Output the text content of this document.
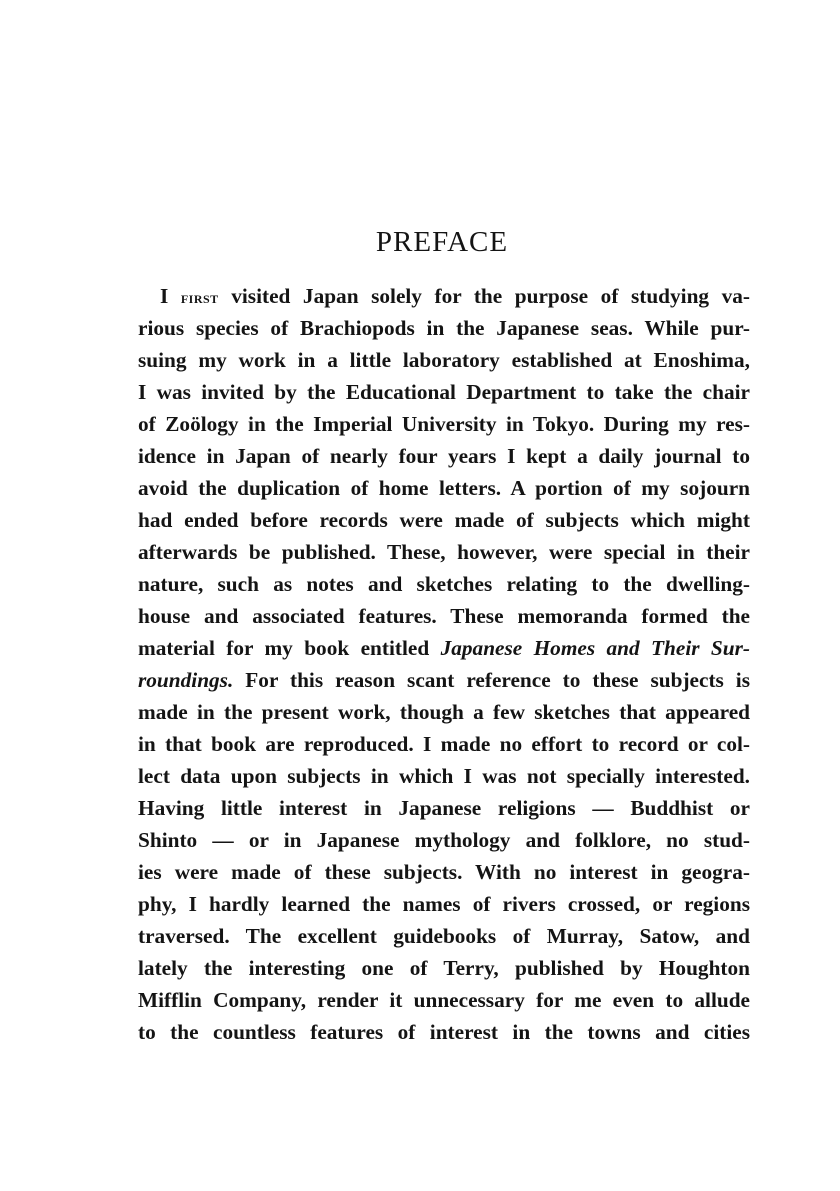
PREFACE
I first visited Japan solely for the purpose of studying va-
rious species of Brachiopods in the Japanese seas. While pur-
suing my work in a little laboratory established at Enoshima,
I was invited by the Educational Department to take the chair
of Zoölogy in the Imperial University in Tokyo. During my res-
idence in Japan of nearly four years I kept a daily journal to
avoid the duplication of home letters. A portion of my sojourn
had ended before records were made of subjects which might
afterwards be published. These, however, were special in their
nature, such as notes and sketches relating to the dwelling-
house and associated features. These memoranda formed the
material for my book entitled Japanese Homes and Their Sur-
roundings. For this reason scant reference to these subjects is
made in the present work, though a few sketches that appeared
in that book are reproduced. I made no effort to record or col-
lect data upon subjects in which I was not specially interested.
Having little interest in Japanese religions — Buddhist or
Shinto — or in Japanese mythology and folklore, no stud-
ies were made of these subjects. With no interest in geogra-
phy, I hardly learned the names of rivers crossed, or regions
traversed. The excellent guidebooks of Murray, Satow, and
lately the interesting one of Terry, published by Houghton
Mifflin Company, render it unnecessary for me even to allude
to the countless features of interest in the towns and cities
